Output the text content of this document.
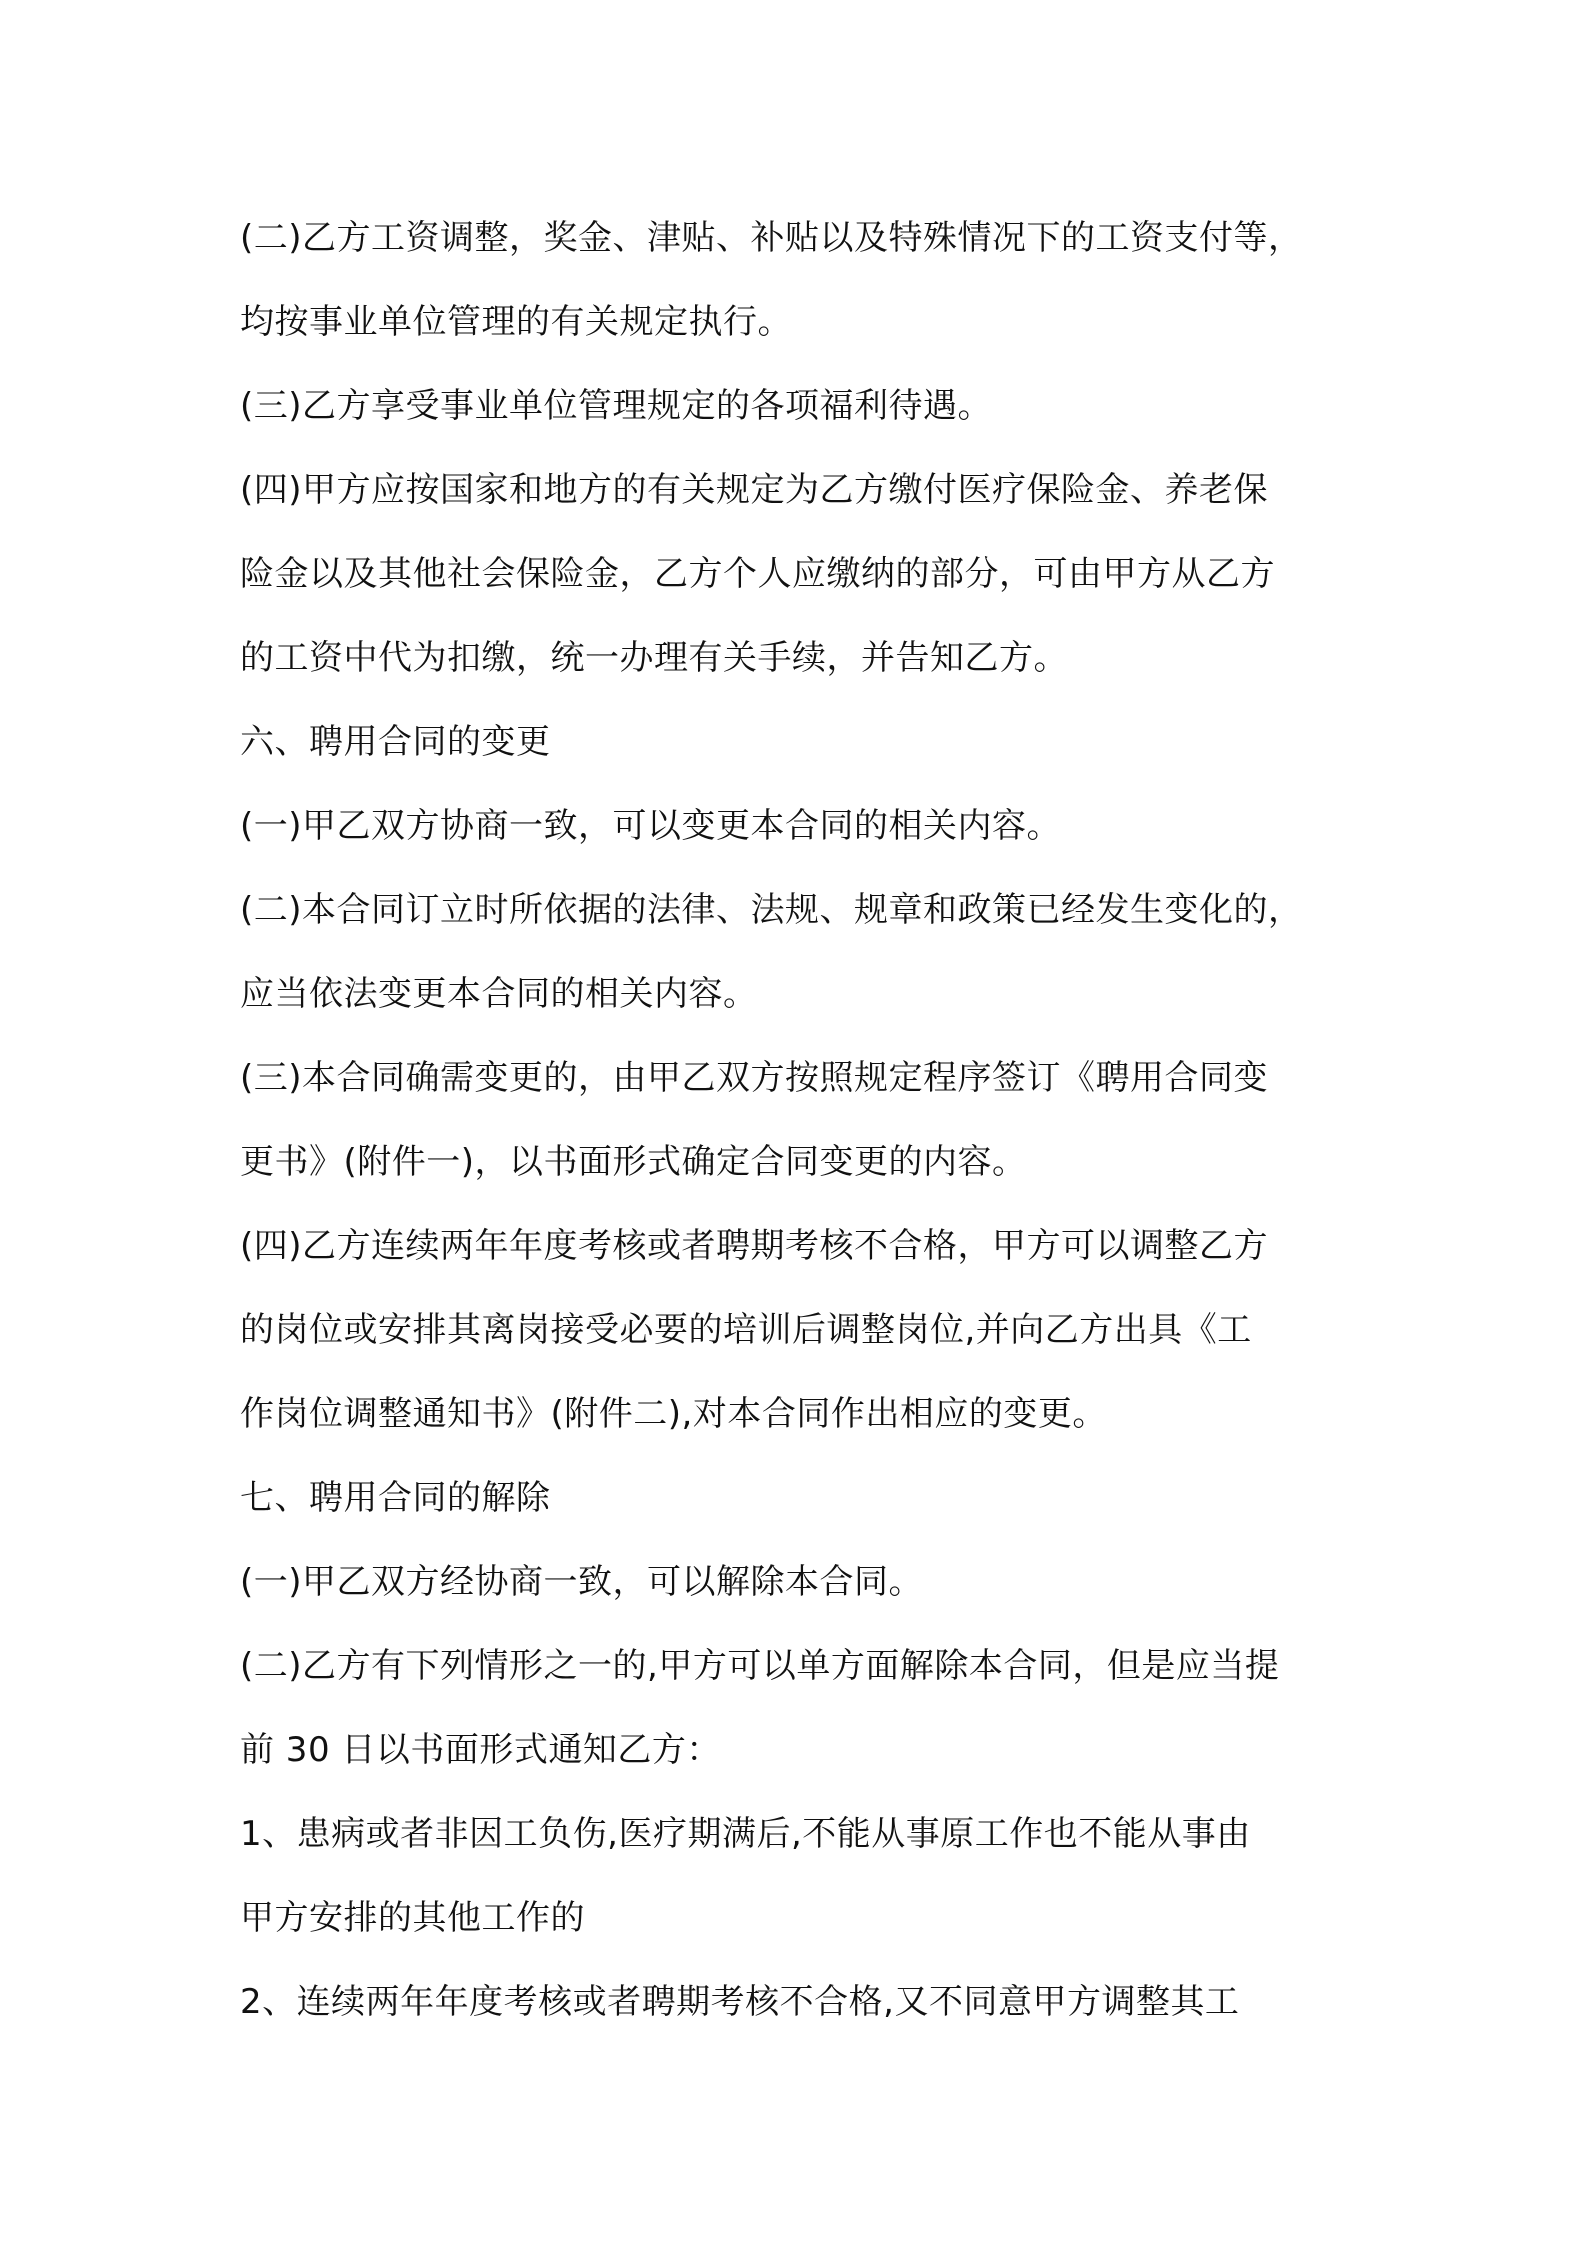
(二)乙方工资调整，奖金、津贴、补贴以及特殊情况下的工资支付等，
均按事业单位管理的有关规定执行。
(三)乙方享受事业单位管理规定的各项福利待遇。
(四)甲方应按国家和地方的有关规定为乙方缴付医疗保险金、养老保
险金以及其他社会保险金，乙方个人应缴纳的部分，可由甲方从乙方
的工资中代为扣缴，统一办理有关手续，并告知乙方。
六、聘用合同的变更
(一)甲乙双方协商一致，可以变更本合同的相关内容。
(二)本合同订立时所依据的法律、法规、规章和政策已经发生变化的，
应当依法变更本合同的相关内容。
(三)本合同确需变更的，由甲乙双方按照规定程序签订《聘用合同变
更书》(附件一)，以书面形式确定合同变更的内容。
(四)乙方连续两年年度考核或者聘期考核不合格，甲方可以调整乙方
的岗位或安排其离岗接受必要的培训后调整岗位,并向乙方出具《工
作岗位调整通知书》(附件二),对本合同作出相应的变更。
七、聘用合同的解除
(一)甲乙双方经协商一致，可以解除本合同。
(二)乙方有下列情形之一的,甲方可以单方面解除本合同，但是应当提
前 30 日以书面形式通知乙方：
1、患病或者非因工负伤,医疗期满后,不能从事原工作也不能从事由
甲方安排的其他工作的
2、连续两年年度考核或者聘期考核不合格,又不同意甲方调整其工
